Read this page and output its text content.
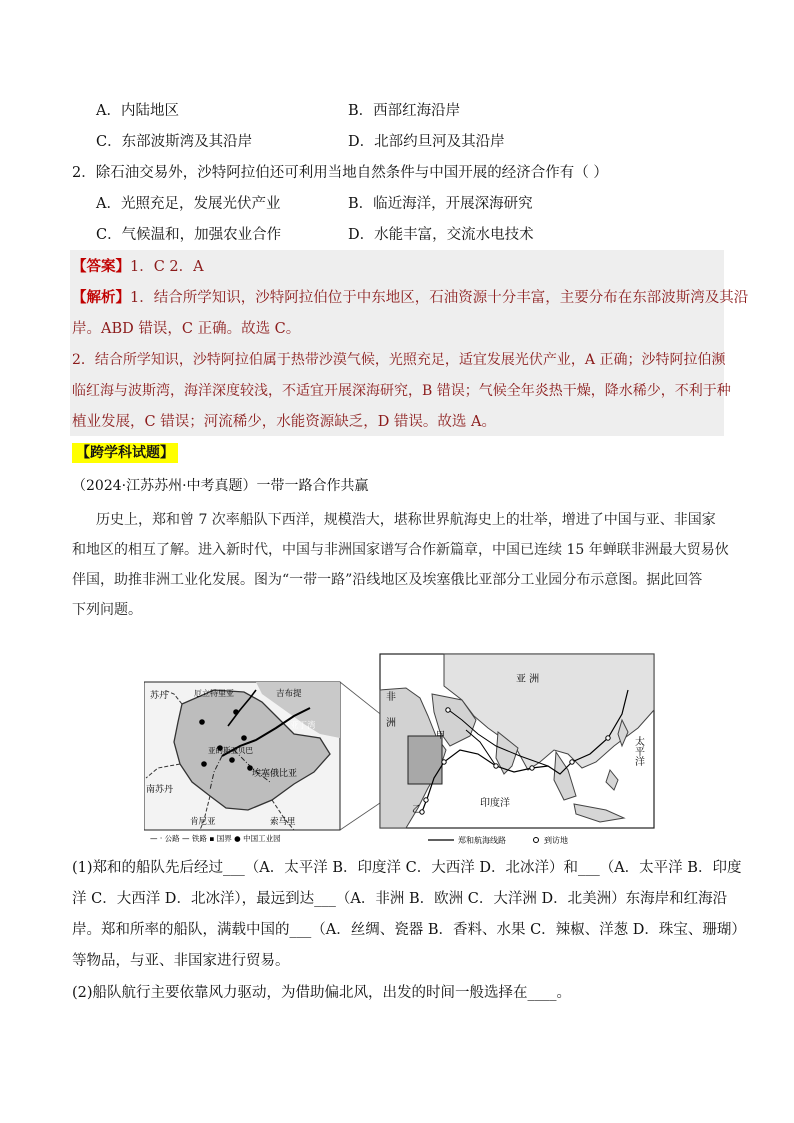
A．内陆地区	B．西部红海沿岸
C．东部波斯湾及其沿岸	D．北部约旦河及其沿岸
2．除石油交易外，沙特阿拉伯还可利用当地自然条件与中国开展的经济合作有（ ）
A．光照充足，发展光伏产业	B．临近海洋，开展深海研究
C．气候温和，加强农业合作	D．水能丰富，交流水电技术
【答案】1．C 2．A
【解析】1．结合所学知识，沙特阿拉伯位于中东地区，石油资源十分丰富，主要分布在东部波斯湾及其沿
岸。ABD 错误，C 正确。故选 C。
2．结合所学知识，沙特阿拉伯属于热带沙漠气候，光照充足，适宜发展光伏产业，A 正确；沙特阿拉伯濒
临红海与波斯湾，海洋深度较浅，不适宜开展深海研究，B 错误；气候全年炎热干燥，降水稀少，不利于种
植业发展，C 错误；河流稀少，水能资源缺乏，D 错误。故选 A。
【跨学科试题】
（2024·江苏苏州·中考真题）一带一路合作共赢
历史上，郑和曾 7 次率船队下西洋，规模浩大，堪称世界航海史上的壮举，增进了中国与亚、非国家
和地区的相互了解。进入新时代，中国与非洲国家谱写合作新篇章，中国已连续 15 年蝉联非洲最大贸易伙
伴国，助推非洲工业化发展。图为“一带一路”沿线地区及埃塞俄比亚部分工业园分布示意图。据此回答
下列问题。
苏丹	厄立特里亚	吉布提
亚丁湾
亚的斯亚贝巴
埃塞俄比亚
南苏丹
肯尼亚	索马里
— · 公路 — 铁路 ▪ 国界 ● 中国工业园
非
洲
亚 洲
太平洋
印度洋
甲
乙
郑和航海线路	到访地
(1)郑和的船队先后经过___（A．太平洋 B．印度洋 C．大西洋 D．北冰洋）和___（A．太平洋 B．印度
洋 C．大西洋 D．北冰洋），最远到达___（A．非洲 B．欧洲 C．大洋洲 D．北美洲）东海岸和红海沿
岸。郑和所率的船队，满载中国的___（A．丝绸、瓷器 B．香料、水果 C．辣椒、洋葱 D．珠宝、珊瑚）
等物品，与亚、非国家进行贸易。
(2)船队航行主要依靠风力驱动，为借助偏北风，出发的时间一般选择在____。
